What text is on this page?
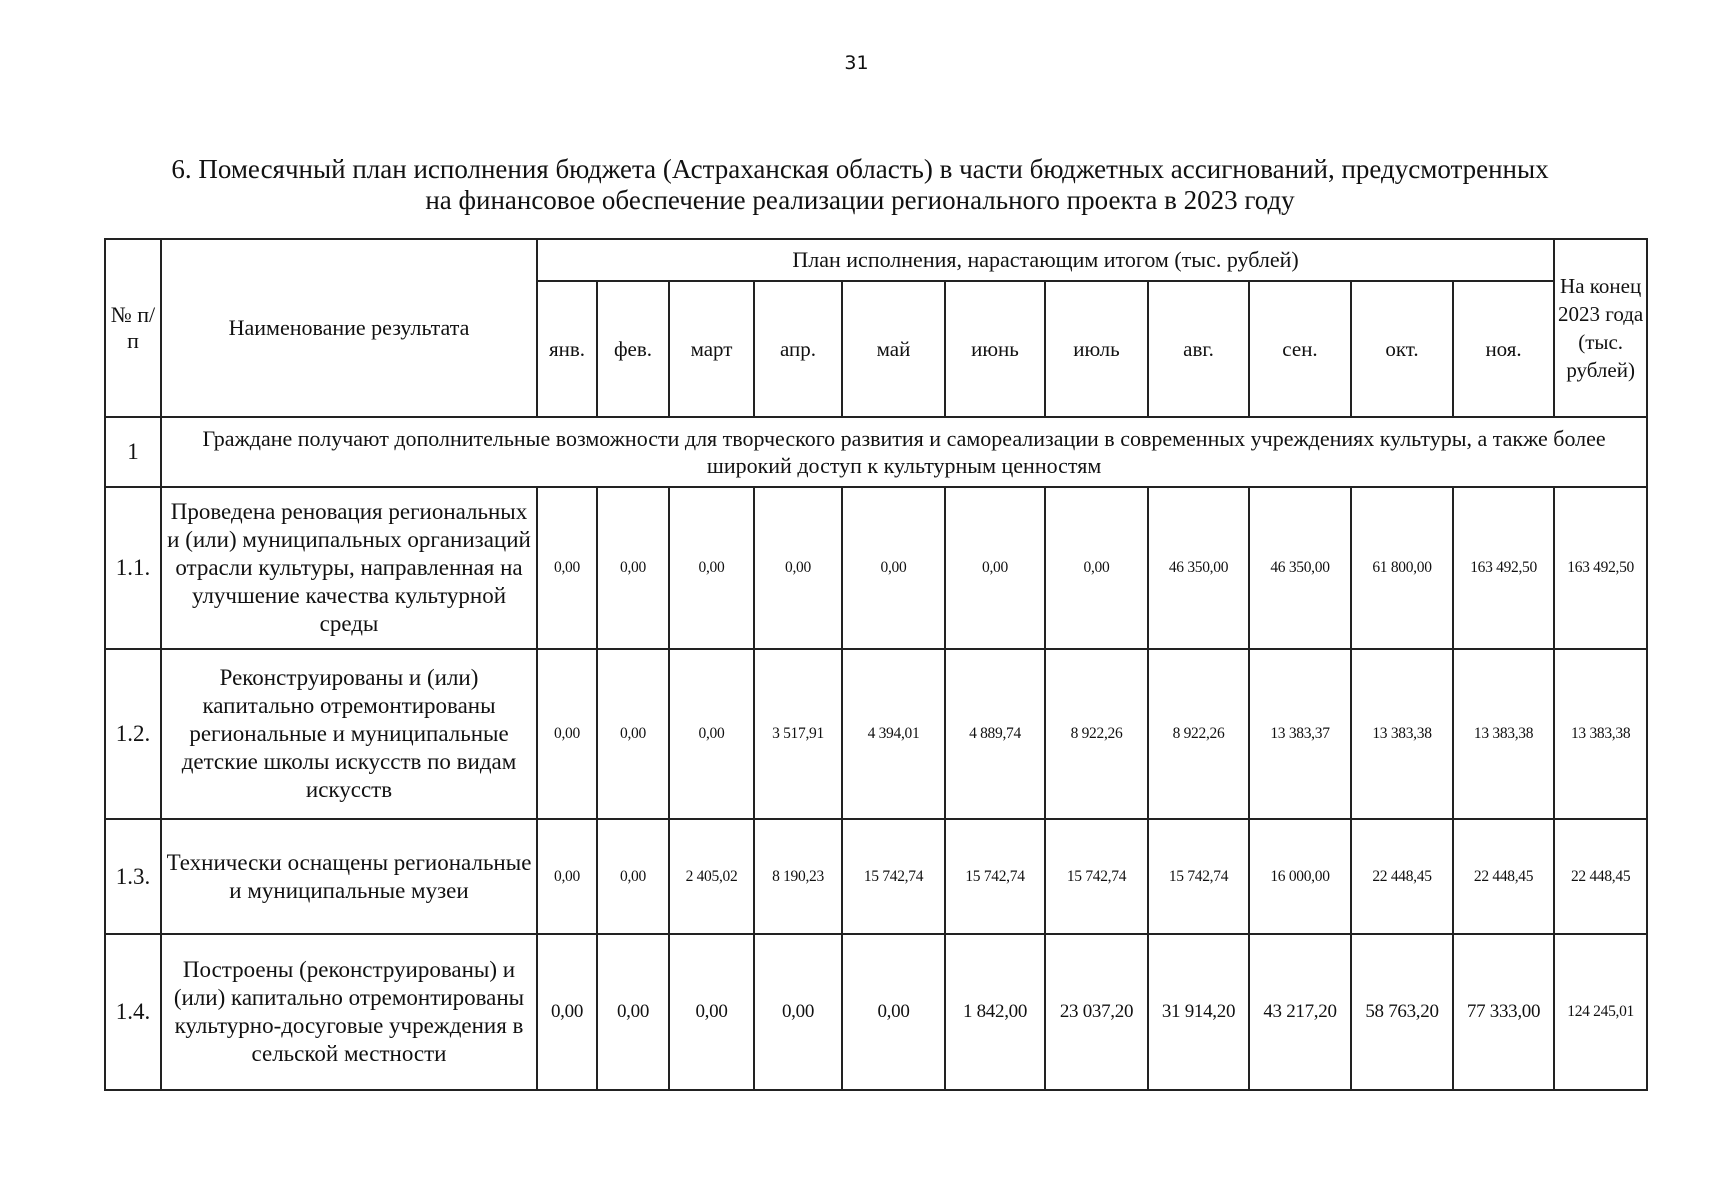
31
6. Помесячный план исполнения бюджета (Астраханская область) в части бюджетных ассигнований, предусмотренных
на финансовое обеспечение реализации регионального проекта в 2023 году
№ п/п	Наименование результата	План исполнения, нарастающим итогом (тыс. рублей)											На конец 2023 года (тыс. рублей)
		янв.	фев.	март	апр.	май	июнь	июль	авг.	сен.	окт.	ноя.	
1	Граждане получают дополнительные возможности для творческого развития и самореализации в современных учреждениях культуры, а также более широкий доступ к культурным ценностям												
1.1.	Проведена реновация региональных и (или) муниципальных организаций отрасли культуры, направленная на улучшение качества культурной среды	0,00	0,00	0,00	0,00	0,00	0,00	0,00	46 350,00	46 350,00	61 800,00	163 492,50	163 492,50
1.2.	Реконструированы и (или) капитально отремонтированы региональные и муниципальные детские школы искусств по видам искусств	0,00	0,00	0,00	3 517,91	4 394,01	4 889,74	8 922,26	8 922,26	13 383,37	13 383,38	13 383,38	13 383,38
1.3.	Технически оснащены региональные и муниципальные музеи	0,00	0,00	2 405,02	8 190,23	15 742,74	15 742,74	15 742,74	15 742,74	16 000,00	22 448,45	22 448,45	22 448,45
1.4.	Построены (реконструированы) и (или) капитально отремонтированы культурно-досуговые учреждения в сельской местности	0,00	0,00	0,00	0,00	0,00	1 842,00	23 037,20	31 914,20	43 217,20	58 763,20	77 333,00	124 245,01
